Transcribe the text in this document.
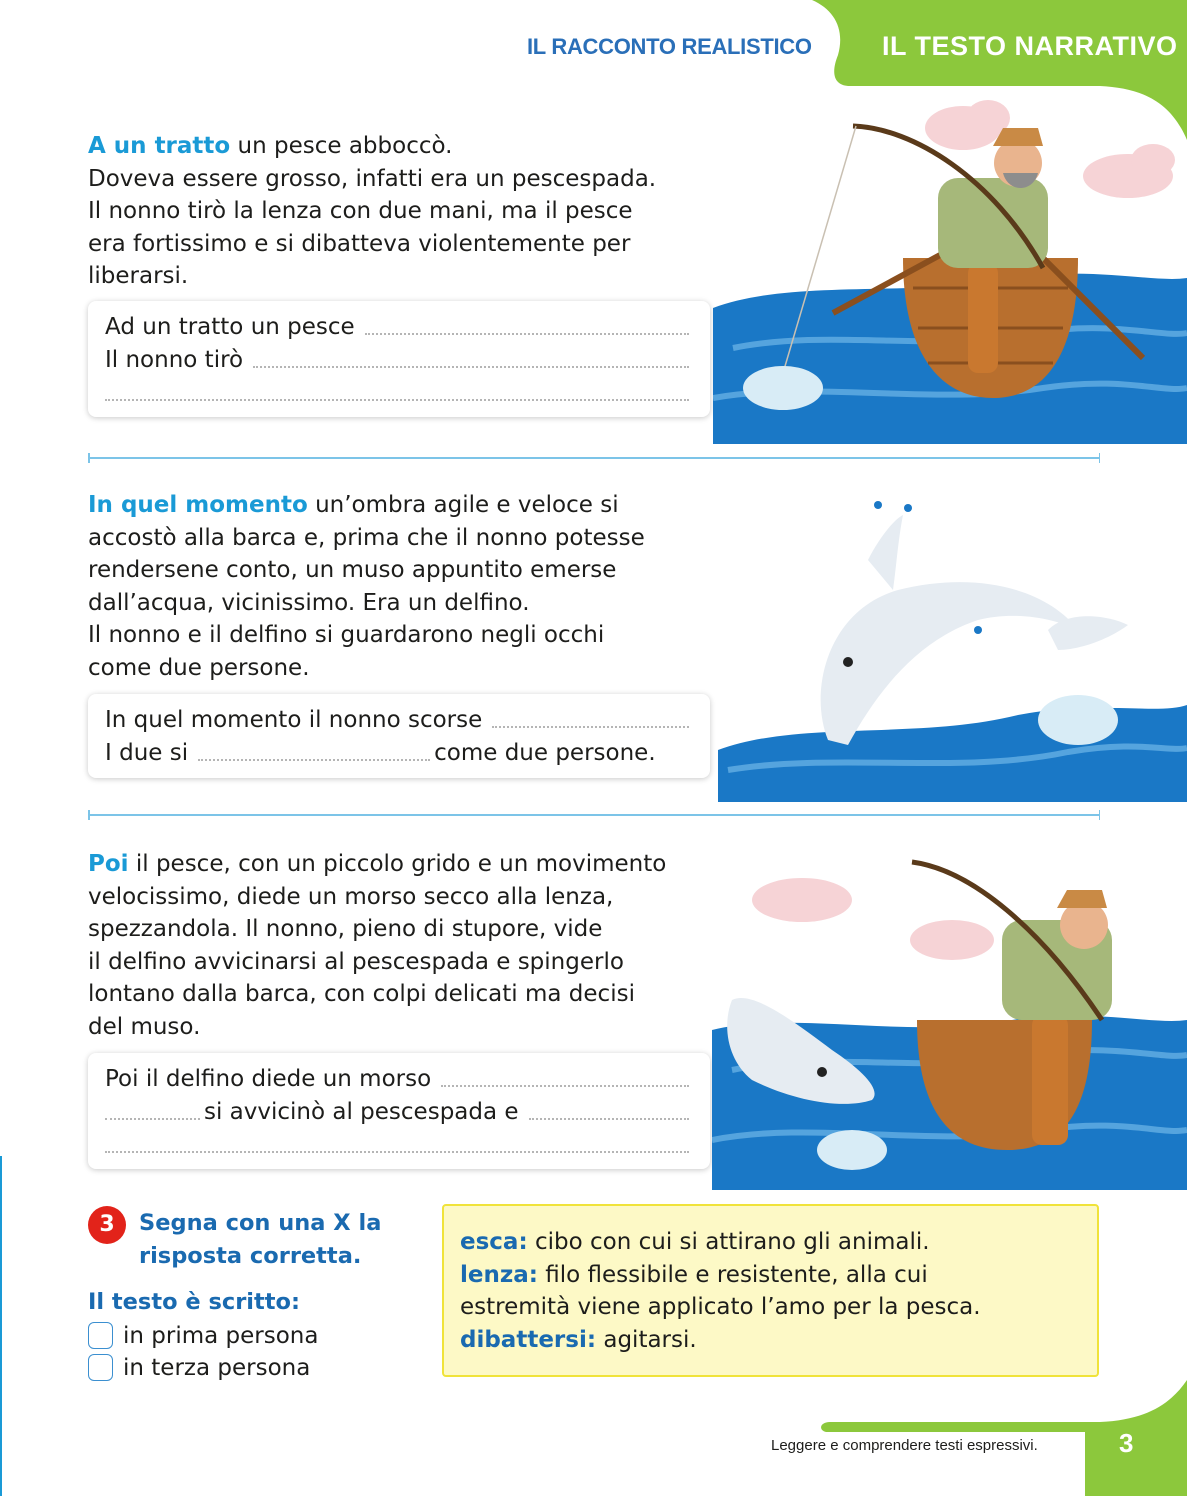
IL RACCONTO REALISTICO	IL TESTO NARRATIVO
A un tratto un pesce abboccò.
Doveva essere grosso, infatti era un pescespada.
Il nonno tirò la lenza con due mani, ma il pesce
era fortissimo e si dibatteva violentemente per
liberarsi.
Ad un tratto un pesce
Il nonno tirò
In quel momento un’ombra agile e veloce si
accostò alla barca e, prima che il nonno potesse
rendersene conto, un muso appuntito emerse
dall’acqua, vicinissimo. Era un delfino.
Il nonno e il delfino si guardarono negli occhi
come due persone.
In quel momento il nonno scorse
I due si	come due persone.
Poi il pesce, con un piccolo grido e un movimento
velocissimo, diede un morso secco alla lenza,
spezzandola. Il nonno, pieno di stupore, vide
il delfino avvicinarsi al pescespada e spingerlo
lontano dalla barca, con colpi delicati ma decisi
del muso.
Poi il delfino diede un morso
si avvicinò al pescespada e
3	Segna con una X la
risposta corretta.
Il testo è scritto:
in prima persona
in terza persona
esca: cibo con cui si attirano gli animali.
lenza: filo flessibile e resistente, alla cui
estremità viene applicato l’amo per la pesca.
dibattersi: agitarsi.
Leggere e comprendere testi espressivi.	3
